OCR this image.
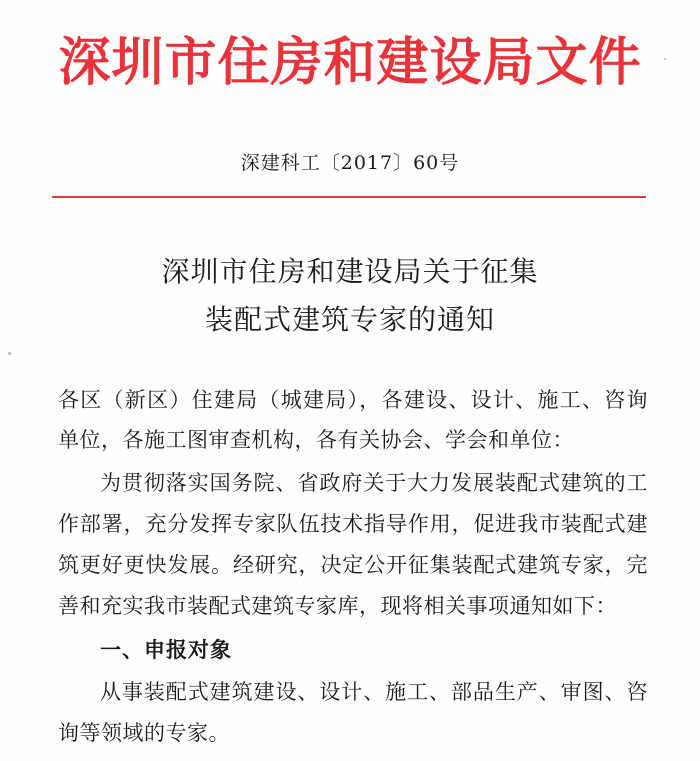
深圳市住房和建设局文件
深建科工〔2017〕60号
深圳市住房和建设局关于征集
装配式建筑专家的通知
各区（新区）住建局（城建局），各建设、设计、施工、咨询
单位，各施工图审查机构，各有关协会、学会和单位：
为贯彻落实国务院、省政府关于大力发展装配式建筑的工
作部署，充分发挥专家队伍技术指导作用，促进我市装配式建
筑更好更快发展。经研究，决定公开征集装配式建筑专家，完
善和充实我市装配式建筑专家库，现将相关事项通知如下：
一、申报对象
从事装配式建筑建设、设计、施工、部品生产、审图、咨
询等领域的专家。
